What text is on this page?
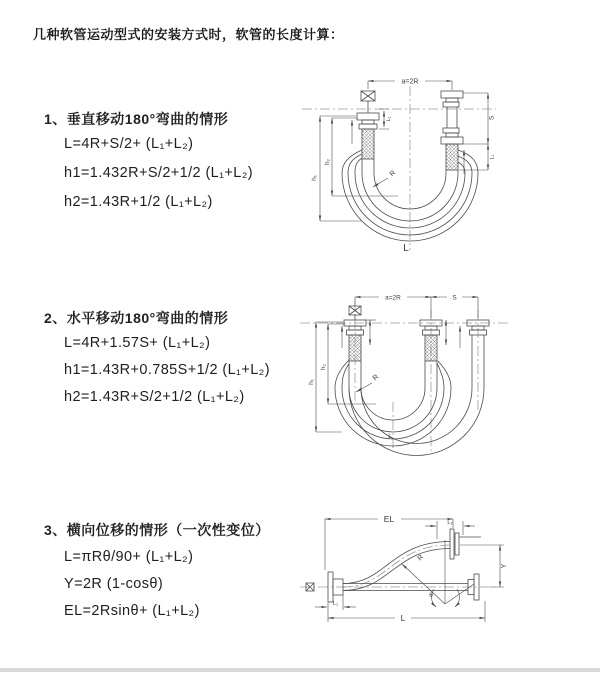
几种软管运动型式的安装方式时，软管的长度计算：
1、垂直移动180°弯曲的情形
L=4R+S/2+ (L₁+L₂)
h1=1.432R+S/2+1/2 (L₁+L₂)
h2=1.43R+1/2 (L₁+L₂)
2、水平移动180°弯曲的情形
L=4R+1.57S+ (L₁+L₂)
h1=1.43R+0.785S+1/2 (L₁+L₂)
h2=1.43R+S/2+1/2 (L₁+L₂)
3、横向位移的情形（一次性变位）
L=πRθ/90+ (L₁+L₂)
Y=2R (1-cosθ)
EL=2Rsinθ+ (L₁+L₂)
a=2R
h₁
h₂
L₁	S
L₁
R
L
a=2R	S
h₁
h₂
R
L
EL	L₂
Y
R
θ
L
L₁
